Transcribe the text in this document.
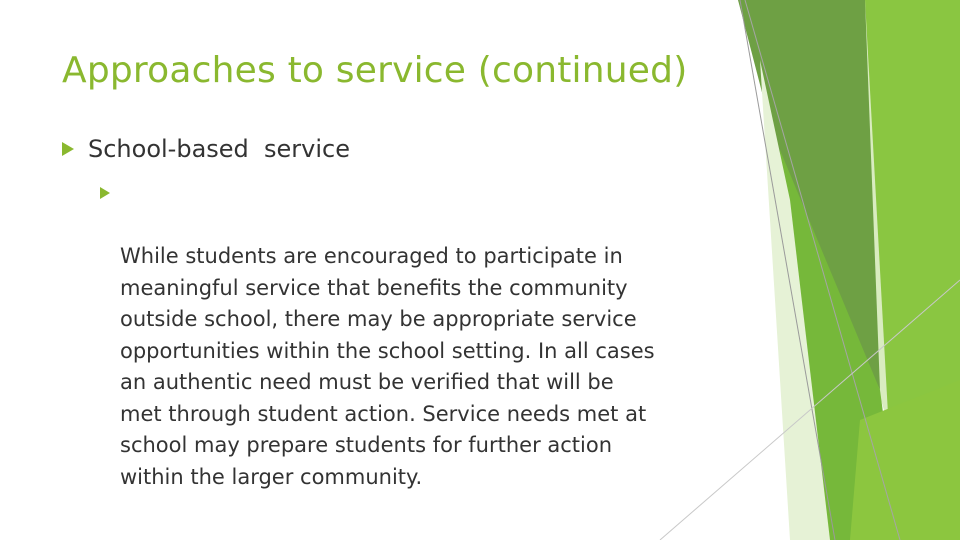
Approaches to service (continued)
School-based  service

While students are encouraged to participate in
meaningful service that benefits the community
outside school, there may be appropriate service
opportunities within the school setting. In all cases
an authentic need must be verified that will be
met through student action. Service needs met at
school may prepare students for further action
within the larger community.
